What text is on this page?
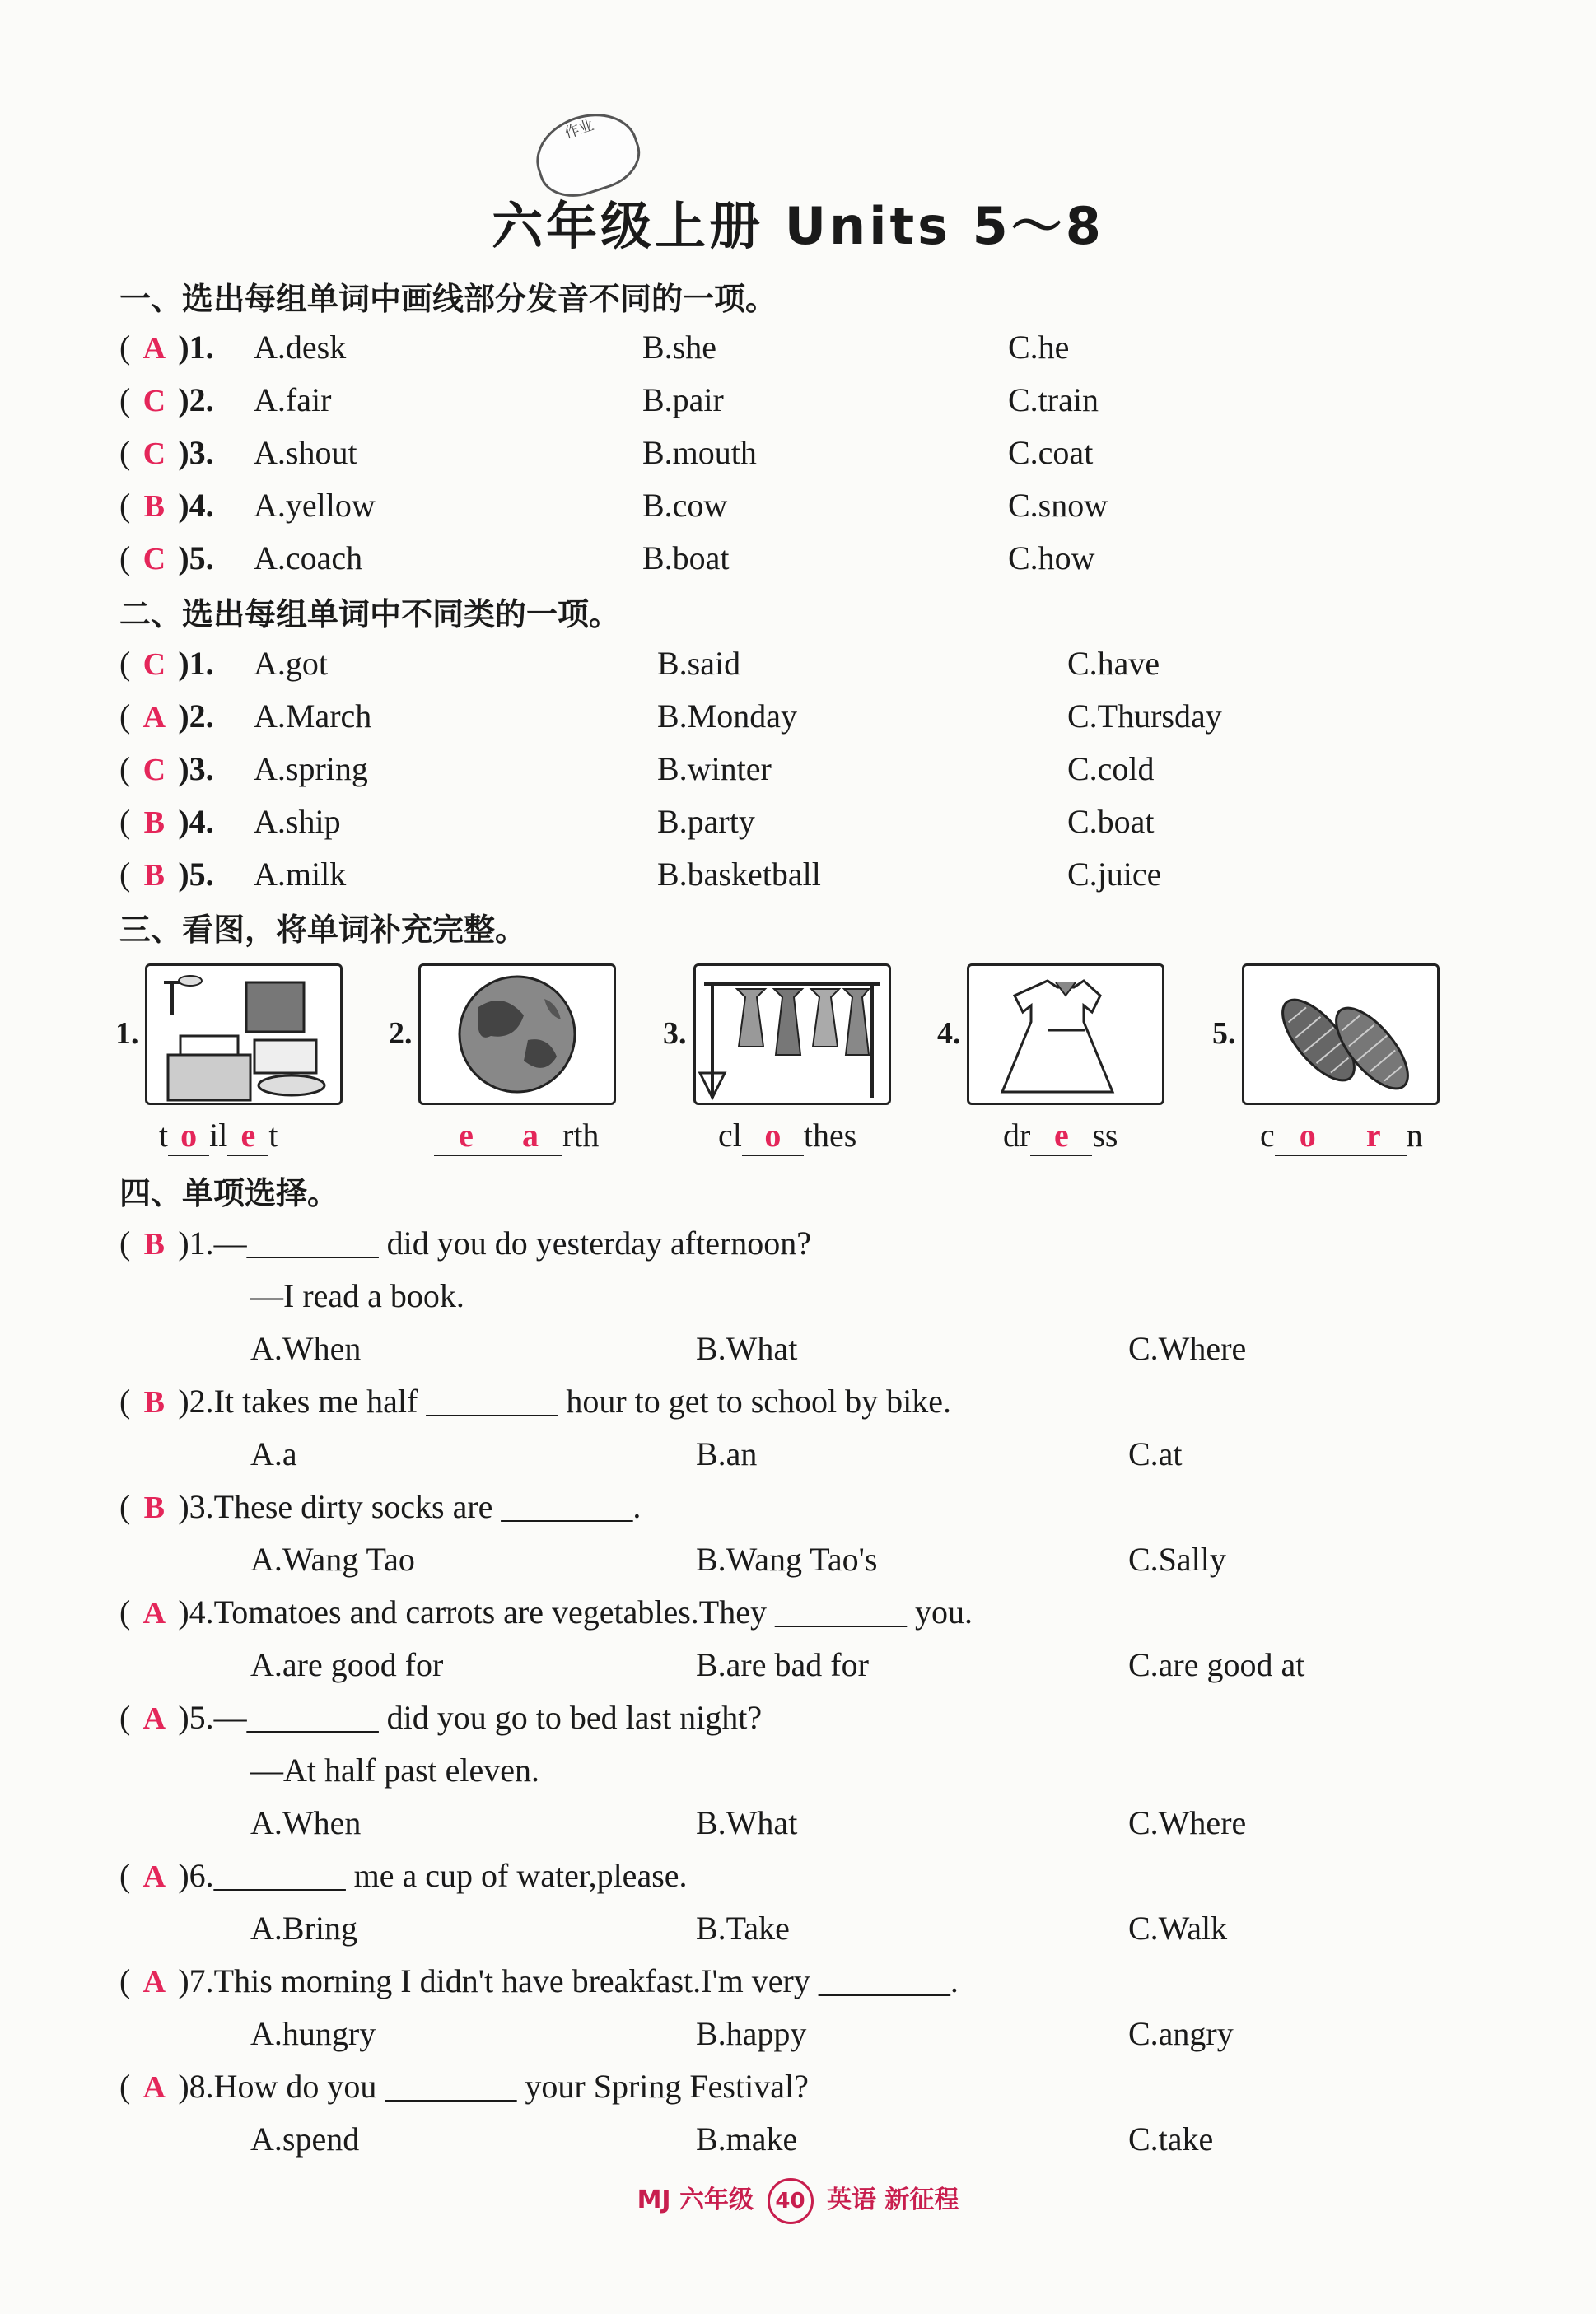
作业
六年级上册 Units 5～8
一、选出每组单词中画线部分发音不同的一项。
( A )1. A.desk	B.she	C.he
( C )2. A.fair	B.pair	C.train
( C )3. A.shout	B.mouth	C.coat
( B )4. A.yellow	B.cow	C.snow
( C )5. A.coach	B.boat	C.how
二、选出每组单词中不同类的一项。
( C )1. A.got	B.said	C.have
( A )2. A.March	B.Monday	C.Thursday
( C )3. A.spring	B.winter	C.cold
( B )4. A.ship	B.party	C.boat
( B )5. A.milk	B.basketball	C.juice
三、看图，将单词补充完整。
1.	2.	3.	4.	5.
t o il e t	e a rth	cl o thes	dr e ss	c o r n
四、单项选择。
( B )1.—________ did you do yesterday afternoon?
—I read a book.
A.When	B.What	C.Where
( B )2.It takes me half ________ hour to get to school by bike.
A.a	B.an	C.at
( B )3.These dirty socks are ________.
A.Wang Tao	B.Wang Tao's	C.Sally
( A )4.Tomatoes and carrots are vegetables.They ________ you.
A.are good for	B.are bad for	C.are good at
( A )5.—________ did you go to bed last night?
—At half past eleven.
A.When	B.What	C.Where
( A )6.________ me a cup of water,please.
A.Bring	B.Take	C.Walk
( A )7.This morning I didn't have breakfast.I'm very ________.
A.hungry	B.happy	C.angry
( A )8.How do you ________ your Spring Festival?
A.spend	B.make	C.take
MJ 六年级 40 英语 新征程
